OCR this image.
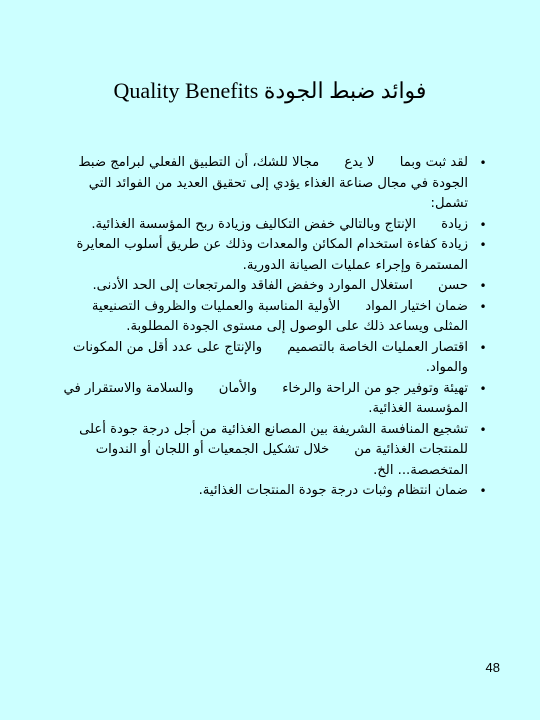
Quality Benefits فوائد ضبط الجودة
•
لقد ثبت وبما      لا يدع      مجالا للشك، أن التطبيق الفعلي لبرامج ضبط الجودة في مجال صناعة الغذاء يؤدي إلى تحقيق العديد من الفوائد التي تشمل:
•
زيادة      الإنتاج وبالتالي خفض التكاليف وزيادة ربح المؤسسة الغذائية.
•
زيادة كفاءة استخدام المكائن والمعدات وذلك عن طريق أسلوب المعايرة المستمرة وإجراء عمليات الصيانة الدورية.
•
حسن      استغلال الموارد وخفض الفاقد والمرتجعات إلى الحد الأدنى.
•
ضمان اختيار المواد      الأولية المناسبة والعمليات والظروف التصنيعية المثلى ويساعد ذلك على الوصول إلى مستوى الجودة المطلوبة.
•
اقتصار العمليات الخاصة بالتصميم      والإنتاج على عدد أقل من المكونات والمواد.
•
تهيئة وتوفير جو من الراحة والرخاء      والأمان      والسلامة والاستقرار في المؤسسة الغذائية.
•
تشجيع المنافسة الشريفة بين المصانع الغذائية من أجل درجة جودة أعلى للمنتجات الغذائية من      خلال تشكيل الجمعيات أو اللجان أو الندوات المتخصصة... الخ.
•
ضمان انتظام وثبات درجة جودة المنتجات الغذائية.
48
